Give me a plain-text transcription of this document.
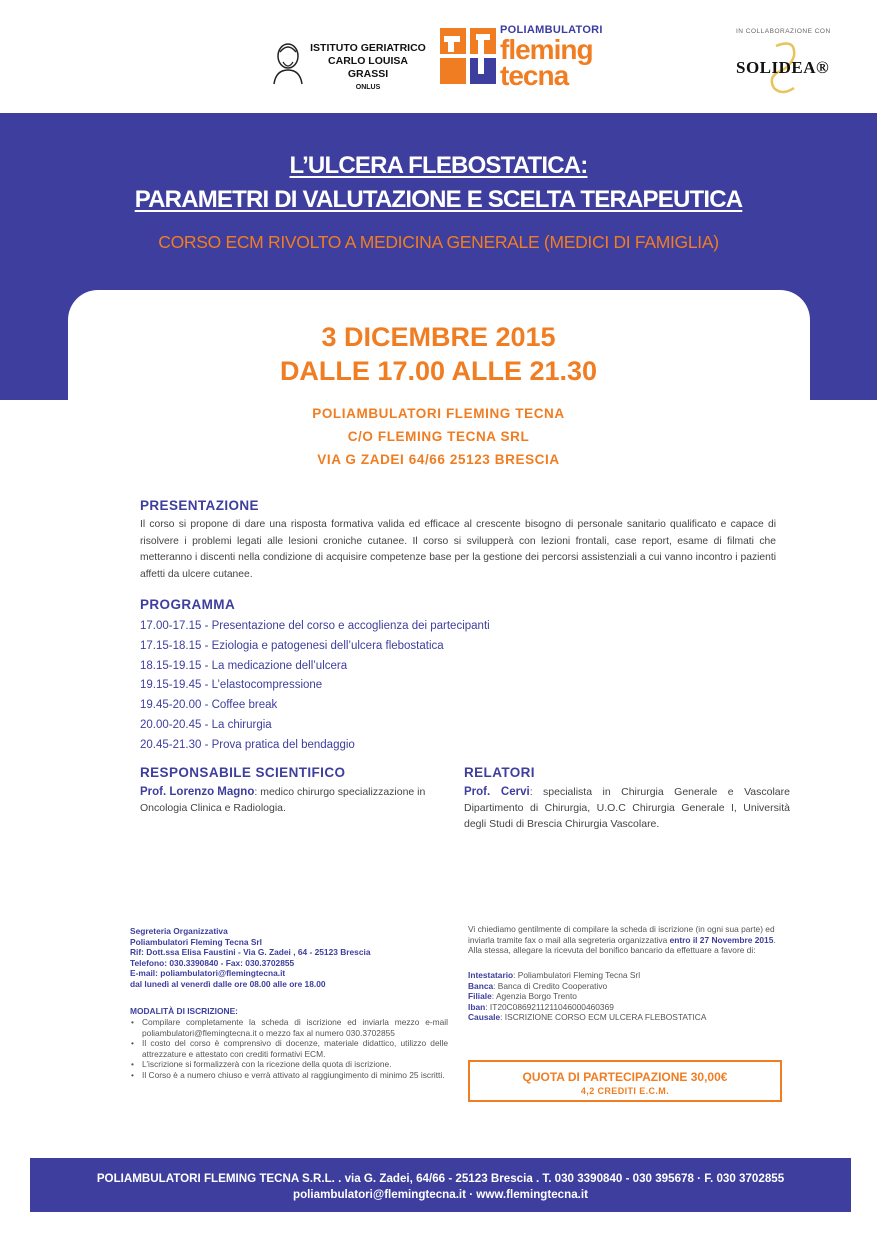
ISTITUTO GERIATRICO
CARLO LOUISA GRASSI
ONLUS
POLIAMBULATORI
fleming
tecna
IN COLLABORAZIONE CON
SOLIDEA®
L’ULCERA FLEBOSTATICA:
PARAMETRI DI VALUTAZIONE E SCELTA TERAPEUTICA
CORSO ECM RIVOLTO A MEDICINA GENERALE (MEDICI DI FAMIGLIA)
3 DICEMBRE 2015
DALLE 17.00 ALLE 21.30
POLIAMBULATORI FLEMING TECNA
C/O FLEMING TECNA SRL
VIA G ZADEI 64/66 25123 BRESCIA
PRESENTAZIONE
Il corso si propone di dare una risposta formativa valida ed efficace al crescente bisogno di personale sanitario qualificato e capace di risolvere i problemi legati alle lesioni croniche cutanee. Il corso si svilupperà con lezioni frontali, case report, esame di filmati che metteranno i discenti nella condizione di acquisire competenze base per la gestione dei percorsi assistenziali a cui vanno incontro i pazienti affetti da ulcere cutanee.
PROGRAMMA
17.00-17.15 - Presentazione del corso e accoglienza dei partecipanti
17.15-18.15 - Eziologia e patogenesi dell’ulcera flebostatica
18.15-19.15 - La medicazione dell’ulcera
19.15-19.45 - L’elastocompressione
19.45-20.00 - Coffee break
20.00-20.45 - La chirurgia
20.45-21.30 - Prova pratica del bendaggio
RESPONSABILE SCIENTIFICO
Prof. Lorenzo Magno: medico chirurgo specializzazione in Oncologia Clinica e Radiologia.
RELATORI
Prof. Cervi: specialista in Chirurgia Generale e Vascolare Dipartimento di Chirurgia, U.O.C Chirurgia Generale I, Università degli Studi di Brescia Chirurgia Vascolare.
Segreteria Organizzativa
Poliambulatori Fleming Tecna Srl
Rif: Dott.ssa Elisa Faustini - Via G. Zadei , 64 - 25123 Brescia
Telefono: 030.3390840 - Fax: 030.3702855
E-mail: poliambulatori@flemingtecna.it
dal lunedì al venerdì dalle ore 08.00 alle ore 18.00
MODALITÀ DI ISCRIZIONE:
• Compilare completamente la scheda di iscrizione ed inviarla mezzo e-mail poliambulatori@flemingtecna.it o mezzo fax al numero 030.3702855
• Il costo del corso è comprensivo di docenze, materiale didattico, utilizzo delle attrezzature e attestato con crediti formativi ECM.
• L’iscrizione si formalizzerà con la ricezione della quota di iscrizione.
• Il Corso è a numero chiuso e verrà attivato al raggiungimento di minimo 25 iscritti.
Vi chiediamo gentilmente di compilare la scheda di iscrizione (in ogni sua parte) ed inviarla tramite fax o mail alla segreteria organizzativa entro il 27 Novembre 2015. Alla stessa, allegare la ricevuta del bonifico bancario da effettuare a favore di:
Intestatario: Poliambulatori Fleming Tecna Srl
Banca: Banca di Credito Cooperativo
Filiale: Agenzia Borgo Trento
Iban: IT20C0869211211046000460369
Causale: ISCRIZIONE CORSO ECM ULCERA FLEBOSTATICA
QUOTA DI PARTECIPAZIONE 30,00€
4,2 CREDITI E.C.M.
POLIAMBULATORI FLEMING TECNA S.R.L. . via G. Zadei, 64/66 - 25123 Brescia . T. 030 3390840 - 030 395678 · F. 030 3702855
poliambulatori@flemingtecna.it · www.flemingtecna.it
